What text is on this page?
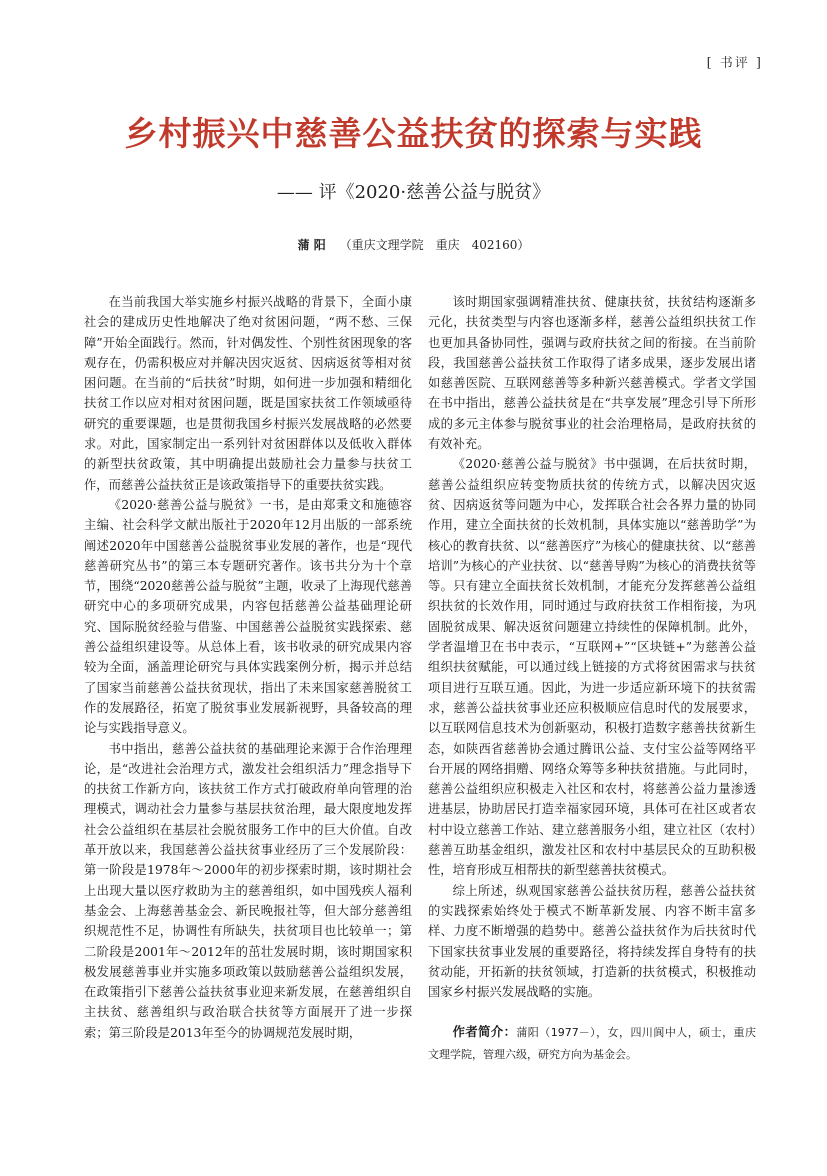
[ 书评 ]
乡村振兴中慈善公益扶贫的探索与实践
—— 评《2020·慈善公益与脱贫》
蒲 阳 （重庆文理学院　重庆　402160）

在当前我国大举实施乡村振兴战略的背景下，全面小康社会的建成历史性地解决了绝对贫困问题，“两不愁、三保障”开始全面践行。然而，针对偶发性、个别性贫困现象的客观存在，仍需积极应对并解决因灾返贫、因病返贫等相对贫困问题。在当前的“后扶贫”时期，如何进一步加强和精细化扶贫工作以应对相对贫困问题，既是国家扶贫工作领域亟待研究的重要课题，也是贯彻我国乡村振兴发展战略的必然要求。对此，国家制定出一系列针对贫困群体以及低收入群体的新型扶贫政策，其中明确提出鼓励社会力量参与扶贫工作，而慈善公益扶贫正是该政策指导下的重要扶贫实践。

《2020·慈善公益与脱贫》一书，是由郑秉文和施德容主编、社会科学文献出版社于2020年12月出版的一部系统阐述2020年中国慈善公益脱贫事业发展的著作，也是“现代慈善研究丛书”的第三本专题研究著作。该书共分为十个章节，围绕“2020慈善公益与脱贫”主题，收录了上海现代慈善研究中心的多项研究成果，内容包括慈善公益基础理论研究、国际脱贫经验与借鉴、中国慈善公益脱贫实践探索、慈善公益组织建设等。从总体上看，该书收录的研究成果内容较为全面，涵盖理论研究与具体实践案例分析，揭示并总结了国家当前慈善公益扶贫现状，指出了未来国家慈善脱贫工作的发展路径，拓宽了脱贫事业发展新视野，具备较高的理论与实践指导意义。

书中指出，慈善公益扶贫的基础理论来源于合作治理理论，是“改进社会治理方式，激发社会组织活力”理念指导下的扶贫工作新方向，该扶贫工作方式打破政府单向管理的治理模式，调动社会力量参与基层扶贫治理，最大限度地发挥社会公益组织在基层社会脱贫服务工作中的巨大价值。自改革开放以来，我国慈善公益扶贫事业经历了三个发展阶段：第一阶段是1978年～2000年的初步探索时期，该时期社会上出现大量以医疗救助为主的慈善组织，如中国残疾人福利基金会、上海慈善基金会、新民晚报社等，但大部分慈善组织规范性不足，协调性有所缺失，扶贫项目也比较单一；第二阶段是2001年～2012年的茁壮发展时期，该时期国家积极发展慈善事业并实施多项政策以鼓励慈善公益组织发展，在政策指引下慈善公益扶贫事业迎来新发展，在慈善组织自主扶贫、慈善组织与政治联合扶贫等方面展开了进一步探索；第三阶段是2013年至今的协调规范发展时期，

该时期国家强调精准扶贫、健康扶贫，扶贫结构逐渐多元化，扶贫类型与内容也逐渐多样，慈善公益组织扶贫工作也更加具备协同性，强调与政府扶贫之间的衔接。在当前阶段，我国慈善公益扶贫工作取得了诸多成果，逐步发展出诸如慈善医院、互联网慈善等多种新兴慈善模式。学者文学国在书中指出，慈善公益扶贫是在“共享发展”理念引导下所形成的多元主体参与脱贫事业的社会治理格局，是政府扶贫的有效补充。

《2020·慈善公益与脱贫》书中强调，在后扶贫时期，慈善公益组织应转变物质扶贫的传统方式，以解决因灾返贫、因病返贫等问题为中心，发挥联合社会各界力量的协同作用，建立全面扶贫的长效机制，具体实施以“慈善助学”为核心的教育扶贫、以“慈善医疗”为核心的健康扶贫、以“慈善培训”为核心的产业扶贫、以“慈善导购”为核心的消费扶贫等等。只有建立全面扶贫长效机制，才能充分发挥慈善公益组织扶贫的长效作用，同时通过与政府扶贫工作相衔接，为巩固脱贫成果、解决返贫问题建立持续性的保障机制。此外，学者温增卫在书中表示，“互联网+”“区块链+”为慈善公益组织扶贫赋能，可以通过线上链接的方式将贫困需求与扶贫项目进行互联互通。因此，为进一步适应新环境下的扶贫需求，慈善公益扶贫事业还应积极顺应信息时代的发展要求，以互联网信息技术为创新驱动，积极打造数字慈善扶贫新生态，如陕西省慈善协会通过腾讯公益、支付宝公益等网络平台开展的网络捐赠、网络众筹等多种扶贫措施。与此同时，慈善公益组织应积极走入社区和农村，将慈善公益力量渗透进基层，协助居民打造幸福家园环境，具体可在社区或者农村中设立慈善工作站、建立慈善服务小组，建立社区（农村）慈善互助基金组织，激发社区和农村中基层民众的互助积极性，培育形成互相帮扶的新型慈善扶贫模式。

综上所述，纵观国家慈善公益扶贫历程，慈善公益扶贫的实践探索始终处于模式不断革新发展、内容不断丰富多样、力度不断增强的趋势中。慈善公益扶贫作为后扶贫时代下国家扶贫事业发展的重要路径，将持续发挥自身特有的扶贫动能，开拓新的扶贫领域，打造新的扶贫模式，积极推动国家乡村振兴发展战略的实施。

作者简介：蒲阳（1977－），女，四川阆中人，硕士，重庆文理学院，管理六级，研究方向为基金会。
